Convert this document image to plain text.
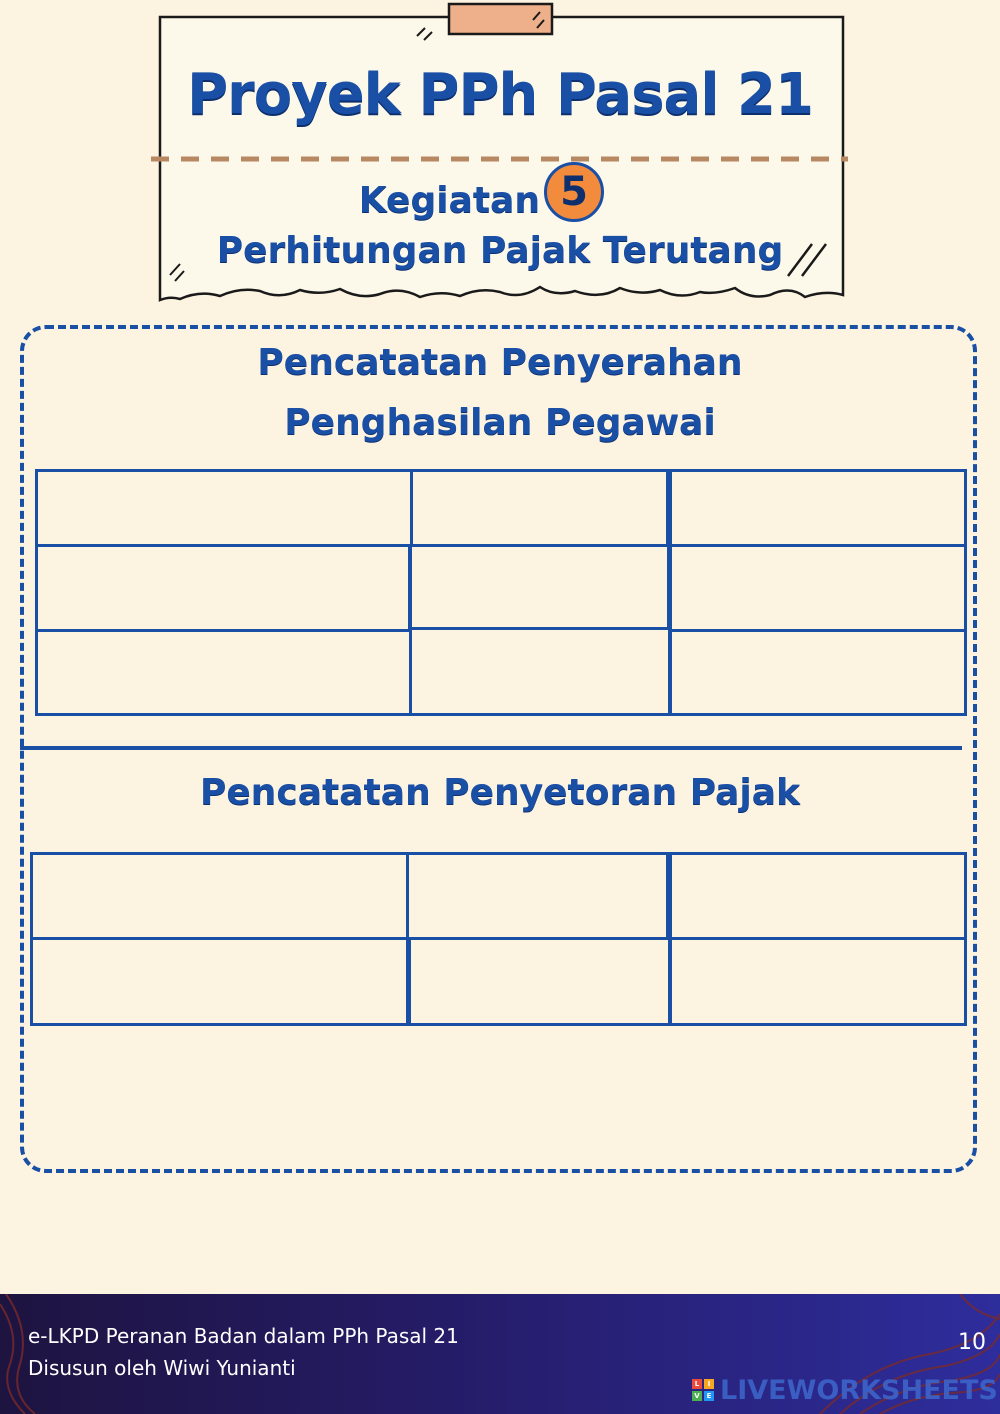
Proyek PPh Pasal 21
Kegiatan 5
Perhitungan Pajak Terutang
Pencatatan Penyerahan
Penghasilan Pegawai
Pencatatan Penyetoran Pajak
e-LKPD Peranan Badan dalam PPh Pasal 21
Disusun oleh Wiwi Yunianti
10
L	I
V E LIVEWORKSHEETS
